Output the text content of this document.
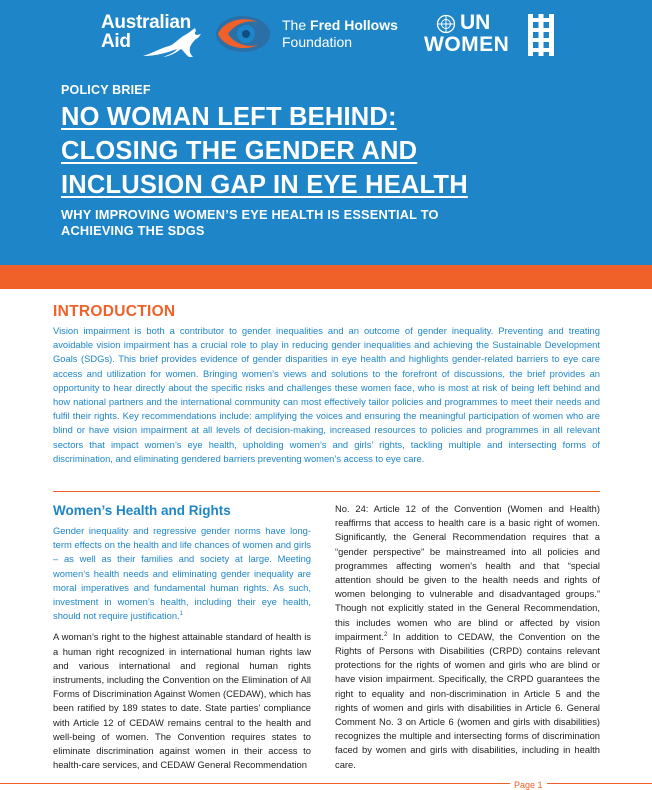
Australian
Aid
The Fred Hollows
Foundation
UN
WOMEN
POLICY BRIEF
NO WOMAN LEFT BEHIND:
CLOSING THE GENDER AND
INCLUSION GAP IN EYE HEALTH
WHY IMPROVING WOMEN’S EYE HEALTH IS ESSENTIAL TO
ACHIEVING THE SDGS
INTRODUCTION

Vision impairment is both a contributor to gender inequalities and an outcome of gender inequality. Preventing and treating avoidable vision impairment has a crucial role to play in reducing gender inequalities and achieving the Sustainable Development Goals (SDGs). This brief provides evidence of gender disparities in eye health and highlights gender-related barriers to eye care access and utilization for women. Bringing women’s views and solutions to the forefront of discussions, the brief provides an opportunity to hear directly about the specific risks and challenges these women face, who is most at risk of being left behind and how national partners and the international community can most effectively tailor policies and programmes to meet their needs and fulfil their rights. Key recommendations include: amplifying the voices and ensuring the meaningful participation of women who are blind or have vision impairment at all levels of decision-making, increased resources to policies and programmes in all relevant sectors that impact women’s eye health, upholding women’s and girls’ rights, tackling multiple and intersecting forms of discrimination, and eliminating gendered barriers preventing women’s access to eye care.

Women’s Health and Rights

Gender inequality and regressive gender norms have long-term effects on the health and life chances of women and girls – as well as their families and society at large. Meeting women’s health needs and eliminating gender inequality are moral imperatives and fundamental human rights. As such, investment in women’s health, including their eye health, should not require justification.$^1$

A woman’s right to the highest attainable standard of health is a human right recognized in international human rights law and various international and regional human rights instruments, including the Convention on the Elimination of All Forms of Discrimination Against Women (CEDAW), which has been ratified by 189 states to date. State parties’ compliance with Article 12 of CEDAW remains central to the health and well-being of women. The Convention requires states to eliminate discrimination against women in their access to health-care services, and CEDAW General Recommendation

No. 24: Article 12 of the Convention (Women and Health) reaffirms that access to health care is a basic right of women. Significantly, the General Recommendation requires that a “gender perspective” be mainstreamed into all policies and programmes affecting women’s health and that “special attention should be given to the health needs and rights of women belonging to vulnerable and disadvantaged groups.” Though not explicitly stated in the General Recommendation, this includes women who are blind or affected by vision impairment.$^2$ In addition to CEDAW, the Convention on the Rights of Persons with Disabilities (CRPD) contains relevant protections for the rights of women and girls who are blind or have vision impairment. Specifically, the CRPD guarantees the right to equality and non-discrimination in Article 5 and the rights of women and girls with disabilities in Article 6. General Comment No. 3 on Article 6 (women and girls with disabilities) recognizes the multiple and intersecting forms of discrimination faced by women and girls with disabilities, including in health care.

Page 1
